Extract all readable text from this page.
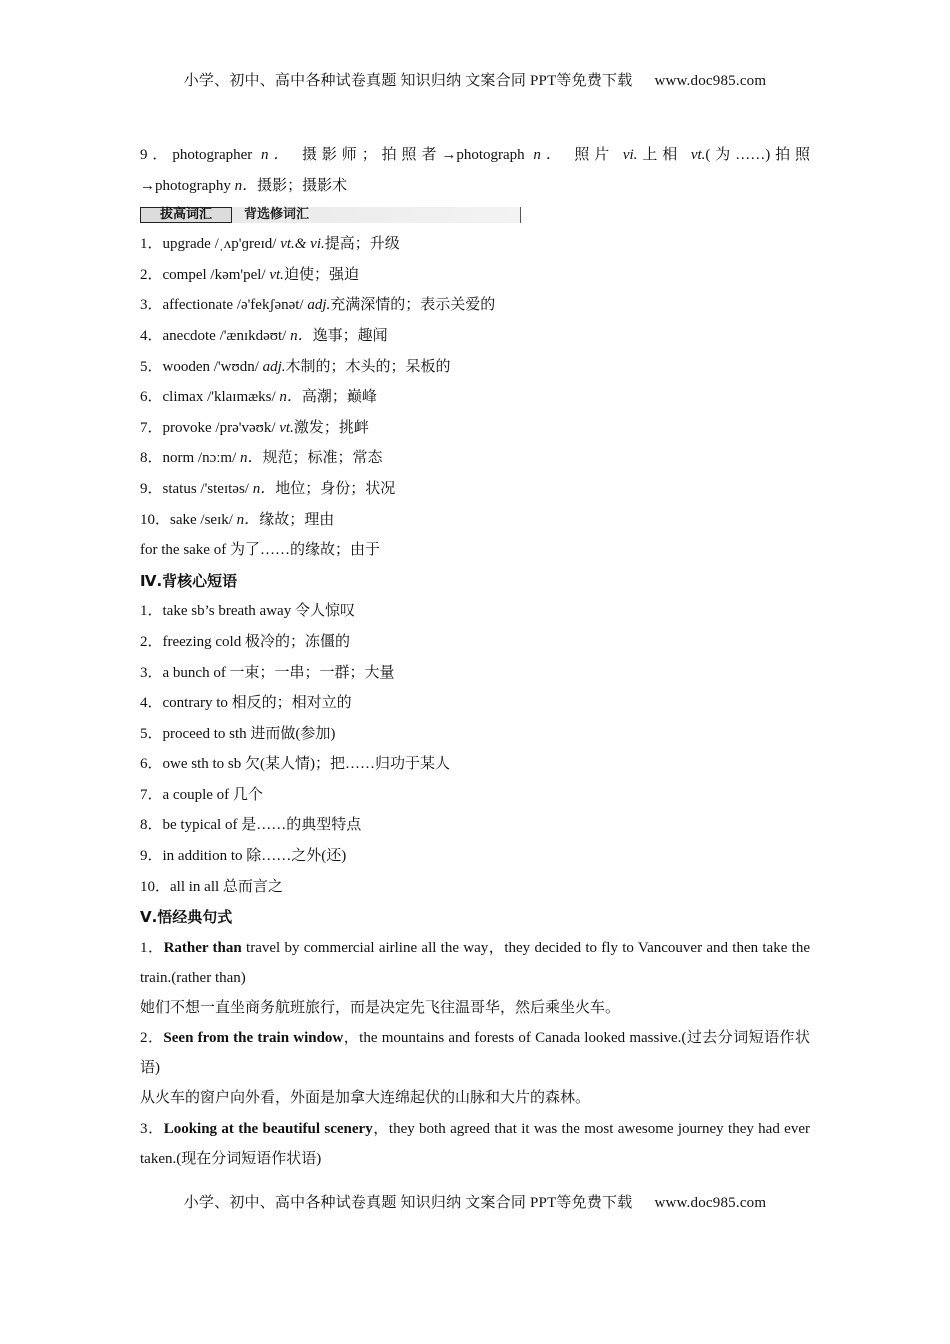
小学、初中、高中各种试卷真题 知识归纳 文案合同 PPT等免费下载 www.doc985.com
9．photographer n． 摄影师；拍照者→photograph n． 照片 vi.上相 vt.(为……)拍照
→photography n．摄影；摄影术
拔高词汇	背选修词汇
1．upgrade /ˌʌp'ɡreɪd/ vt.& vi.提高；升级
2．compel /kəm'pel/ vt.迫使；强迫
3．affectionate /ə'fekʃənət/ adj.充满深情的；表示关爱的
4．anecdote /'ænɪkdəʊt/ n．逸事；趣闻
5．wooden /'wʊdn/ adj.木制的；木头的；呆板的
6．climax /'klaɪmæks/ n．高潮；巅峰
7．provoke /prə'vəʊk/ vt.激发；挑衅
8．norm /nɔːm/ n．规范；标准；常态
9．status /'steɪtəs/ n．地位；身份；状况
10．sake /seɪk/ n．缘故；理由
for the sake of 为了……的缘故；由于
Ⅳ.背核心短语
1．take sb’s breath away 令人惊叹
2．freezing cold 极冷的；冻僵的
3．a bunch of 一束；一串；一群；大量
4．contrary to 相反的；相对立的
5．proceed to sth 进而做(参加)
6．owe sth to sb 欠(某人情)；把……归功于某人
7．a couple of 几个
8．be typical of 是……的典型特点
9．in addition to 除……之外(还)
10．all in all 总而言之
Ⅴ.悟经典句式
1．Rather than travel by commercial airline all the way，they decided to fly to Vancouver and then take the train.(rather than)
她们不想一直坐商务航班旅行，而是决定先飞往温哥华，然后乘坐火车。
2．Seen from the train window，the mountains and forests of Canada looked massive.(过去分词短语作状语)
从火车的窗户向外看，外面是加拿大连绵起伏的山脉和大片的森林。
3．Looking at the beautiful scenery，they both agreed that it was the most awesome journey they had ever taken.(现在分词短语作状语)
小学、初中、高中各种试卷真题 知识归纳 文案合同 PPT等免费下载 www.doc985.com
